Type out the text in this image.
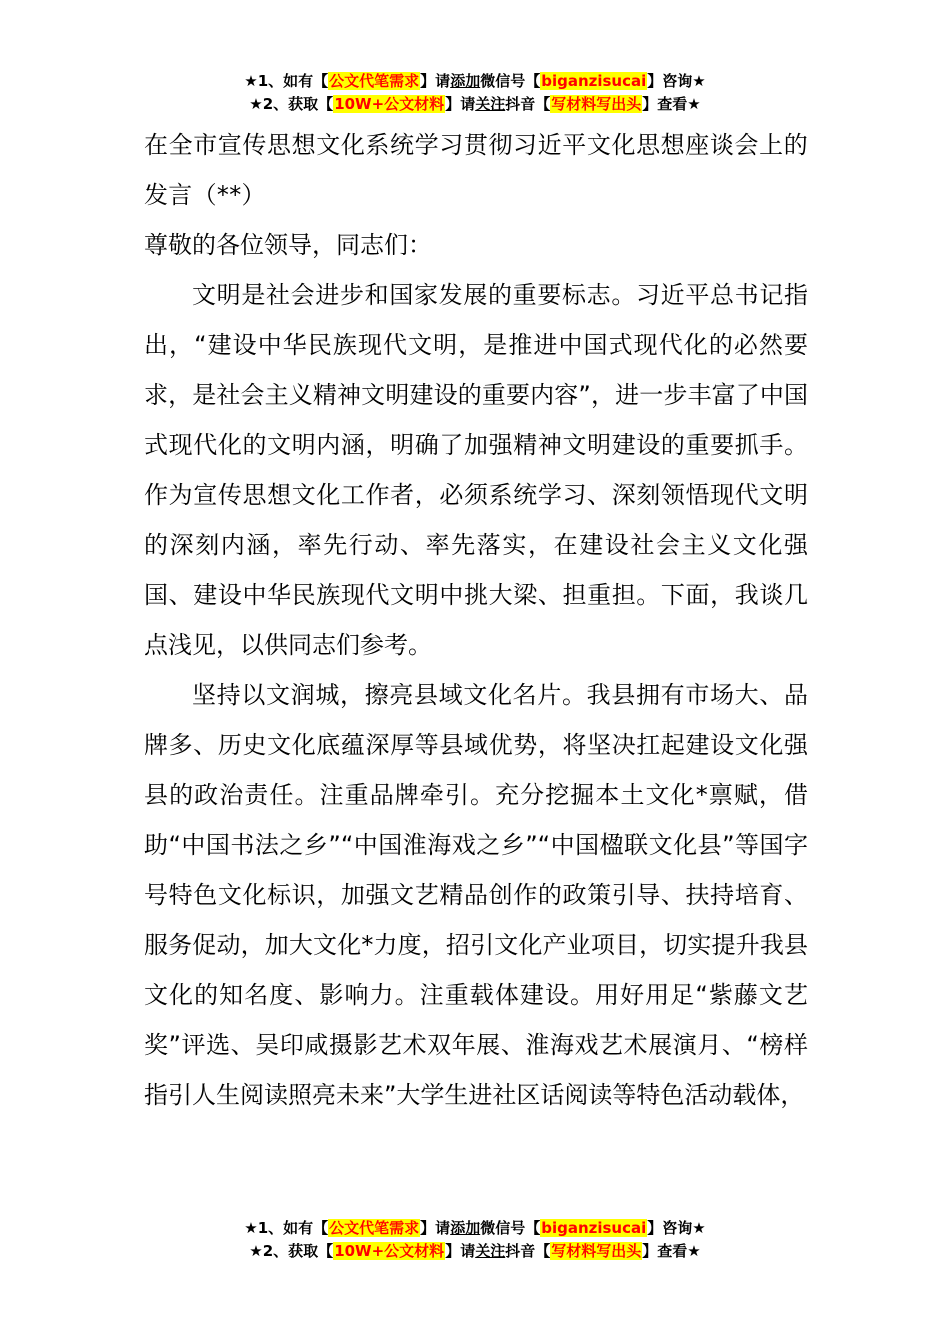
★1、如有【公文代笔需求】请添加微信号【biganzisucai】咨询★
★2、获取【10W+公文材料】请关注抖音【写材料写出头】查看★

在全市宣传思想文化系统学习贯彻习近平文化思想座谈会上的发言（**）

尊敬的各位领导，同志们：

文明是社会进步和国家发展的重要标志。习近平总书记指出，“建设中华民族现代文明，是推进中国式现代化的必然要求，是社会主义精神文明建设的重要内容”，进一步丰富了中国式现代化的文明内涵，明确了加强精神文明建设的重要抓手。作为宣传思想文化工作者，必须系统学习、深刻领悟现代文明的深刻内涵，率先行动、率先落实，在建设社会主义文化强国、建设中华民族现代文明中挑大梁、担重担。下面，我谈几点浅见，以供同志们参考。

坚持以文润城，擦亮县域文化名片。我县拥有市场大、品牌多、历史文化底蕴深厚等县域优势，将坚决扛起建设文化强县的政治责任。注重品牌牵引。充分挖掘本土文化*禀赋，借助“中国书法之乡”“中国淮海戏之乡”“中国楹联文化县”等国字号特色文化标识，加强文艺精品创作的政策引导、扶持培育、服务促动，加大文化*力度，招引文化产业项目，切实提升我县文化的知名度、影响力。注重载体建设。用好用足“紫藤文艺奖”评选、吴印咸摄影艺术双年展、淮海戏艺术展演月、“榜样指引人生阅读照亮未来”大学生进社区话阅读等特色活动载体，

★1、如有【公文代笔需求】请添加微信号【biganzisucai】咨询★
★2、获取【10W+公文材料】请关注抖音【写材料写出头】查看★
